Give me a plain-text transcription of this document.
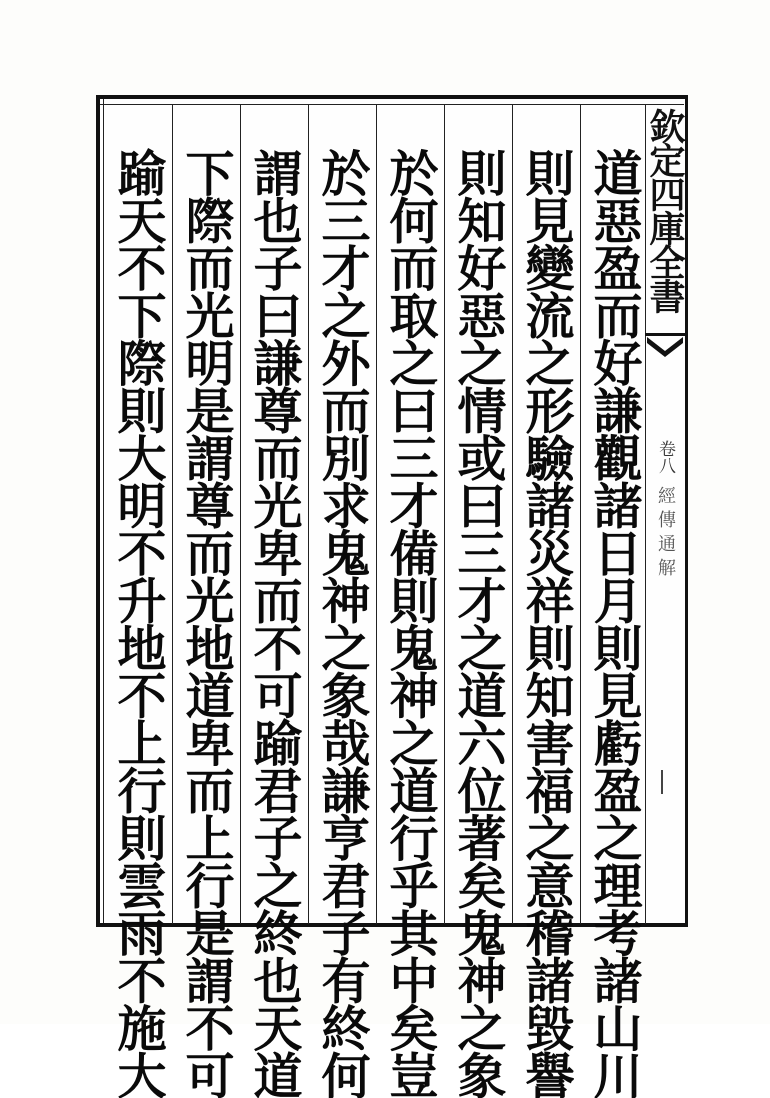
欽定四庫全書
卷八
經傳通解
道惡盈而好謙觀諸日月則見虧盈之理考諸山川
則見變流之形驗諸災祥則知害福之意稽諸毀譽
則知好惡之情或曰三才之道六位著矣鬼神之象
於何而取之曰三才備則鬼神之道行乎其中矣豈
於三才之外而別求鬼神之象哉謙亨君子有終何
謂也子曰謙尊而光卑而不可踰君子之終也天道
下際而光明是謂尊而光地道卑而上行是謂不可
踰天不下際則大明不升地不上行則雲雨不施大
